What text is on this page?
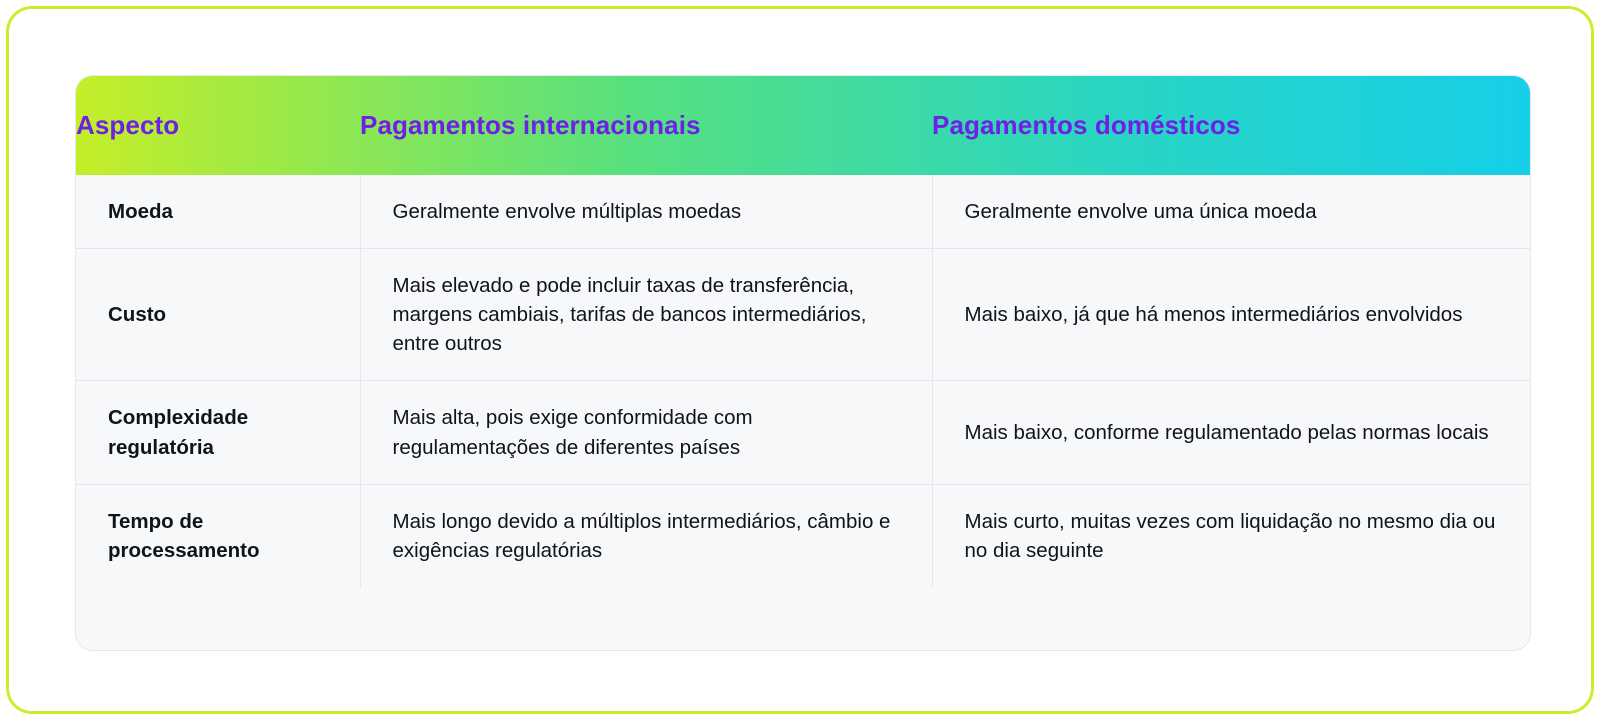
Aspecto	Pagamentos internacionais	Pagamentos domésticos
Moeda	Geralmente envolve múltiplas moedas	Geralmente envolve uma única moeda
Custo	Mais elevado e pode incluir taxas de transferência, margens cambiais, tarifas de bancos intermediários, entre outros	Mais baixo, já que há menos intermediários envolvidos
Complexidade regulatória	Mais alta, pois exige conformidade com regulamentações de diferentes países	Mais baixo, conforme regulamentado pelas normas locais
Tempo de processamento	Mais longo devido a múltiplos intermediários, câmbio e exigências regulatórias	Mais curto, muitas vezes com liquidação no mesmo dia ou no dia seguinte
